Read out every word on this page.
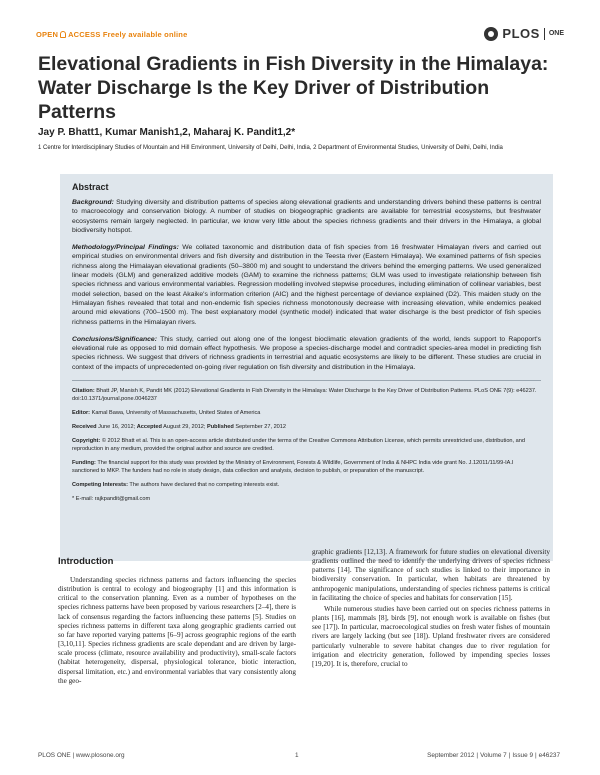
OPEN ACCESS Freely available online	PLOS ONE
Elevational Gradients in Fish Diversity in the Himalaya: Water Discharge Is the Key Driver of Distribution Patterns
Jay P. Bhatt1, Kumar Manish1,2, Maharaj K. Pandit1,2*
1 Centre for Interdisciplinary Studies of Mountain and Hill Environment, University of Delhi, Delhi, India, 2 Department of Environmental Studies, University of Delhi, Delhi, India
Abstract

Background: Studying diversity and distribution patterns of species along elevational gradients and understanding drivers behind these patterns is central to macroecology and conservation biology. A number of studies on biogeographic gradients are available for terrestrial ecosystems, but freshwater ecosystems remain largely neglected. In particular, we know very little about the species richness gradients and their drivers in the Himalaya, a global biodiversity hotspot.

Methodology/Principal Findings: We collated taxonomic and distribution data of fish species from 16 freshwater Himalayan rivers and carried out empirical studies on environmental drivers and fish diversity and distribution in the Teesta river (Eastern Himalaya). We examined patterns of fish species richness along the Himalayan elevational gradients (50–3800 m) and sought to understand the drivers behind the emerging patterns. We used generalized linear models (GLM) and generalized additive models (GAM) to examine the richness patterns; GLM was used to investigate relationship between fish species richness and various environmental variables. Regression modelling involved stepwise procedures, including elimination of collinear variables, best model selection, based on the least Akaike's information criterion (AIC) and the highest percentage of deviance explained (D2). This maiden study on the Himalayan fishes revealed that total and non-endemic fish species richness monotonously decrease with increasing elevation, while endemics peaked around mid elevations (700–1500 m). The best explanatory model (synthetic model) indicated that water discharge is the best predictor of fish species richness patterns in the Himalayan rivers.

Conclusions/Significance: This study, carried out along one of the longest bioclimatic elevation gradients of the world, lends support to Rapoport's elevational rule as opposed to mid domain effect hypothesis. We propose a species-discharge model and contradict species-area model in predicting fish species richness. We suggest that drivers of richness gradients in terrestrial and aquatic ecosystems are likely to be different. These studies are crucial in context of the impacts of unprecedented on-going river regulation on fish diversity and distribution in the Himalaya.

Citation: Bhatt JP, Manish K, Pandit MK (2012) Elevational Gradients in Fish Diversity in the Himalaya: Water Discharge Is the Key Driver of Distribution Patterns. PLoS ONE 7(9): e46237. doi:10.1371/journal.pone.0046237

Editor: Kamal Bawa, University of Massachusetts, United States of America

Received June 16, 2012; Accepted August 29, 2012; Published September 27, 2012

Copyright: © 2012 Bhatt et al. This is an open-access article distributed under the terms of the Creative Commons Attribution License, which permits unrestricted use, distribution, and reproduction in any medium, provided the original author and source are credited.

Funding: The financial support for this study was provided by the Ministry of Environment, Forests & Wildlife, Government of India & NHPC India vide grant No. J.12011/11/99-IA.I sanctioned to MKP. The funders had no role in study design, data collection and analysis, decision to publish, or preparation of the manuscript.

Competing Interests: The authors have declared that no competing interests exist.

* E-mail: rajkpandit@gmail.com

Introduction
Understanding species richness patterns and factors influencing the species distribution is central to ecology and biogeography [1] and this information is critical to the conservation planning. Even as a number of hypotheses on the species richness patterns have been proposed by various researchers [2–4], there is lack of consensus regarding the factors influencing these patterns [5]. Studies on species richness patterns in different taxa along geographic gradients carried out so far have reported varying patterns [6–9] across geographic regions of the earth [3,10,11]. Species richness gradients are scale dependant and are driven by large-scale process (climate, resource availability and productivity), small-scale factors (habitat heterogeneity, dispersal, physiological tolerance, biotic interaction, dispersal limitation, etc.) and environmental variables that vary consistently along the geo-

graphic gradients [12,13]. A framework for future studies on elevational diversity gradients outlined the need to identify the underlying drivers of species richness patterns [14]. The significance of such studies is linked to their importance in biodiversity conservation. In particular, when habitats are threatened by anthropogenic manipulations, understanding of species richness patterns is critical in facilitating the choice of species and habitats for conservation [15].

While numerous studies have been carried out on species richness patterns in plants [16], mammals [8], birds [9], not enough work is available on fishes (but see [17]). In particular, macroecological studies on fresh water fishes of mountain rivers are largely lacking (but see [18]). Upland freshwater rivers are considered particularly vulnerable to severe habitat changes due to river regulation for irrigation and electricity generation, followed by impending species losses [19,20]. It is, therefore, crucial to

PLOS ONE | www.plosone.org	1	September 2012 | Volume 7 | Issue 9 | e46237
